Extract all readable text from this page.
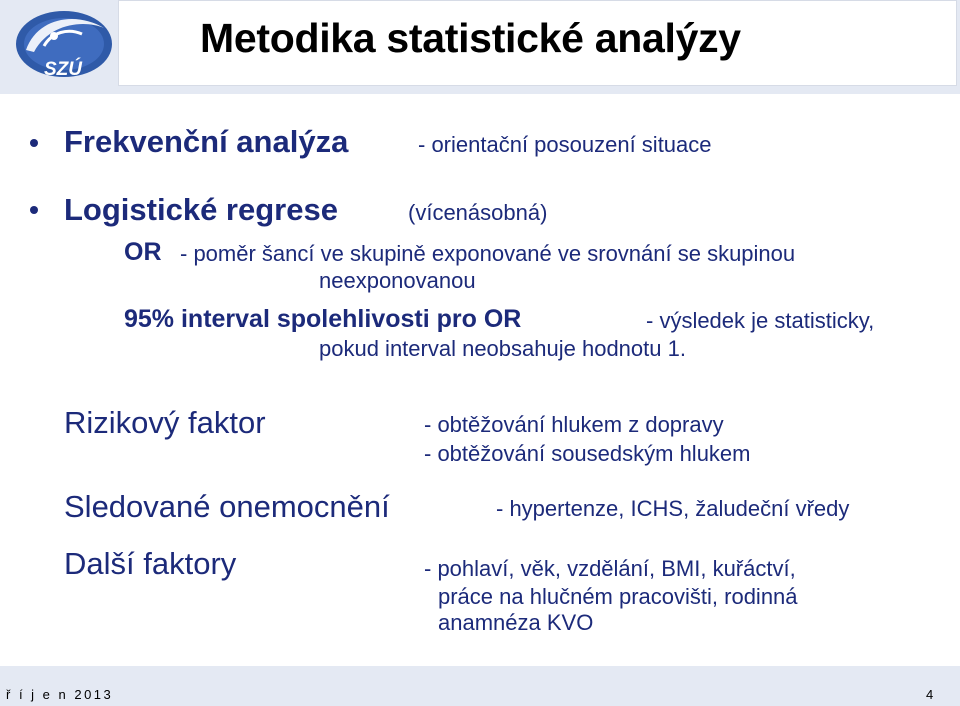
SZÚ
Metodika statistické analýzy
Frekvenční analýza	- orientační posouzení situace
Logistické regrese	(vícenásobná)
OR - poměr šancí ve skupině exponované ve srovnání se skupinou
neexponovanou
95% interval spolehlivosti pro OR	- výsledek je statisticky,
pokud interval neobsahuje hodnotu 1.
Rizikový faktor	- obtěžování hlukem z dopravy
- obtěžování sousedským hlukem
Sledované onemocnění	- hypertenze, ICHS, žaludeční vředy
Další faktory	- pohlaví, věk, vzdělání, BMI, kuřáctví,
práce na hlučném pracovišti, rodinná
anamnéza KVO
ř í j e n 2013	4
